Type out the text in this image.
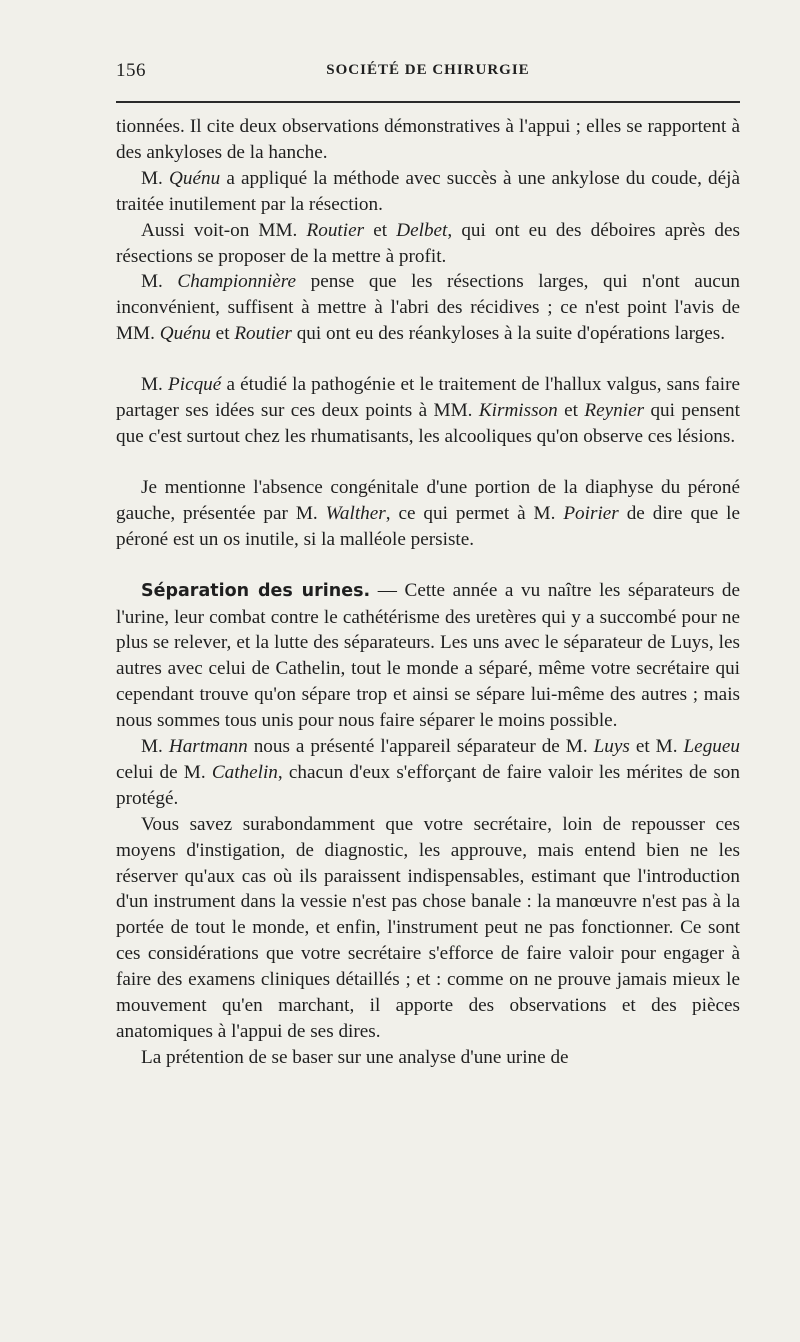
156	SOCIÉTÉ DE CHIRURGIE

tionnées. Il cite deux observations démonstratives à l'appui ; elles se rapportent à des ankyloses de la hanche.

M. Quénu a appliqué la méthode avec succès à une ankylose du coude, déjà traitée inutilement par la résection.

Aussi voit-on MM. Routier et Delbet, qui ont eu des déboires après des résections se proposer de la mettre à profit.

M. Championnière pense que les résections larges, qui n'ont aucun inconvénient, suffisent à mettre à l'abri des récidives ; ce n'est point l'avis de MM. Quénu et Routier qui ont eu des réankyloses à la suite d'opérations larges.

M. Picqué a étudié la pathogénie et le traitement de l'hallux valgus, sans faire partager ses idées sur ces deux points à MM. Kirmisson et Reynier qui pensent que c'est surtout chez les rhumatisants, les alcooliques qu'on observe ces lésions.

Je mentionne l'absence congénitale d'une portion de la diaphyse du péroné gauche, présentée par M. Walther, ce qui permet à M. Poirier de dire que le péroné est un os inutile, si la malléole persiste.

Séparation des urines. — Cette année a vu naître les séparateurs de l'urine, leur combat contre le cathétérisme des uretères qui y a succombé pour ne plus se relever, et la lutte des séparateurs. Les uns avec le séparateur de Luys, les autres avec celui de Cathelin, tout le monde a séparé, même votre secrétaire qui cependant trouve qu'on sépare trop et ainsi se sépare lui-même des autres ; mais nous sommes tous unis pour nous faire séparer le moins possible.

M. Hartmann nous a présenté l'appareil séparateur de M. Luys et M. Legueu celui de M. Cathelin, chacun d'eux s'efforçant de faire valoir les mérites de son protégé.

Vous savez surabondamment que votre secrétaire, loin de repousser ces moyens d'instigation, de diagnostic, les approuve, mais entend bien ne les réserver qu'aux cas où ils paraissent indispensables, estimant que l'introduction d'un instrument dans la vessie n'est pas chose banale : la manœuvre n'est pas à la portée de tout le monde, et enfin, l'instrument peut ne pas fonctionner. Ce sont ces considérations que votre secrétaire s'efforce de faire valoir pour engager à faire des examens cliniques détaillés ; et : comme on ne prouve jamais mieux le mouvement qu'en marchant, il apporte des observations et des pièces anatomiques à l'appui de ses dires.

La prétention de se baser sur une analyse d'une urine de
